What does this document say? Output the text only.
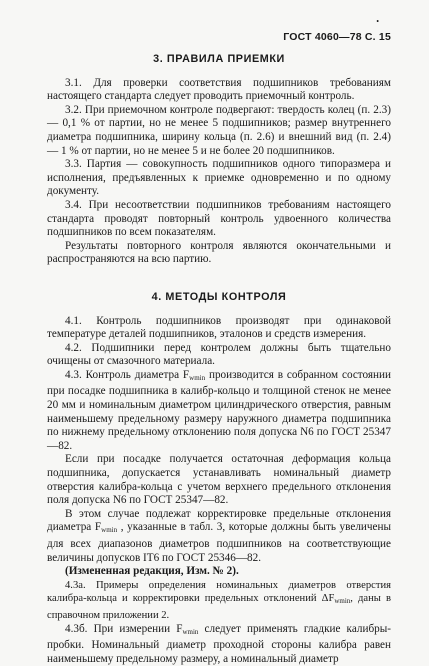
•
ГОСТ 4060—78 С. 15
3. ПРАВИЛА ПРИЕМКИ

3.1. Для проверки соответствия подшипников требованиям настоящего стандарта следует проводить приемочный контроль.

3.2. При приемочном контроле подвергают: твердость колец (п. 2.3) — 0,1 % от партии, но не менее 5 подшипников; размер внутреннего диаметра подшипника, ширину кольца (п. 2.6) и внешний вид (п. 2.4) — 1 % от партии, но не менее 5 и не более 20 подшипников.

3.3. Партия — совокупность подшипников одного типоразмера и исполнения, предъявленных к приемке одновременно и по одному документу.

3.4. При несоответствии подшипников требованиям настоящего стандарта проводят повторный контроль удвоенного количества подшипников по всем показателям.

Результаты повторного контроля являются окончательными и распространяются на всю партию.

4. МЕТОДЫ КОНТРОЛЯ

4.1. Контроль подшипников производят при одинаковой температуре деталей подшипников, эталонов и средств измерения.

4.2. Подшипники перед контролем должны быть тщательно очищены от смазочного материала.

4.3. Контроль диаметра $F_{wmin}$ производится в собранном состоянии при посадке подшипника в калибр-кольцо и толщиной стенок не менее 20 мм и номинальным диаметром цилиндрического отверстия, равным наименьшему предельному размеру наружного диаметра подшипника по нижнему предельному отклонению поля допуска N6 по ГОСТ 25347—82.

Если при посадке получается остаточная деформация кольца подшипника, допускается устанавливать номинальный диаметр отверстия калибра-кольца с учетом верхнего предельного отклонения поля допуска N6 по ГОСТ 25347—82.

В этом случае подлежат корректировке предельные отклонения диаметра $F_{wmin}$ , указанные в табл. 3, которые должны быть увеличены для всех диапазонов диаметров подшипников на соответствующие величины допусков IT6 по ГОСТ 25346—82.

(Измененная редакция, Изм. № 2).

4.3а. Примеры определения номинальных диаметров отверстия калибра-кольца и корректировки предельных отклонений $\Delta F_{wmin}$, даны в справочном приложении 2.

4.3б. При измерении $F_{wmin}$ следует применять гладкие калибры-пробки. Номинальный диаметр проходной стороны калибра равен наименьшему предельному размеру, а номинальный диаметр
